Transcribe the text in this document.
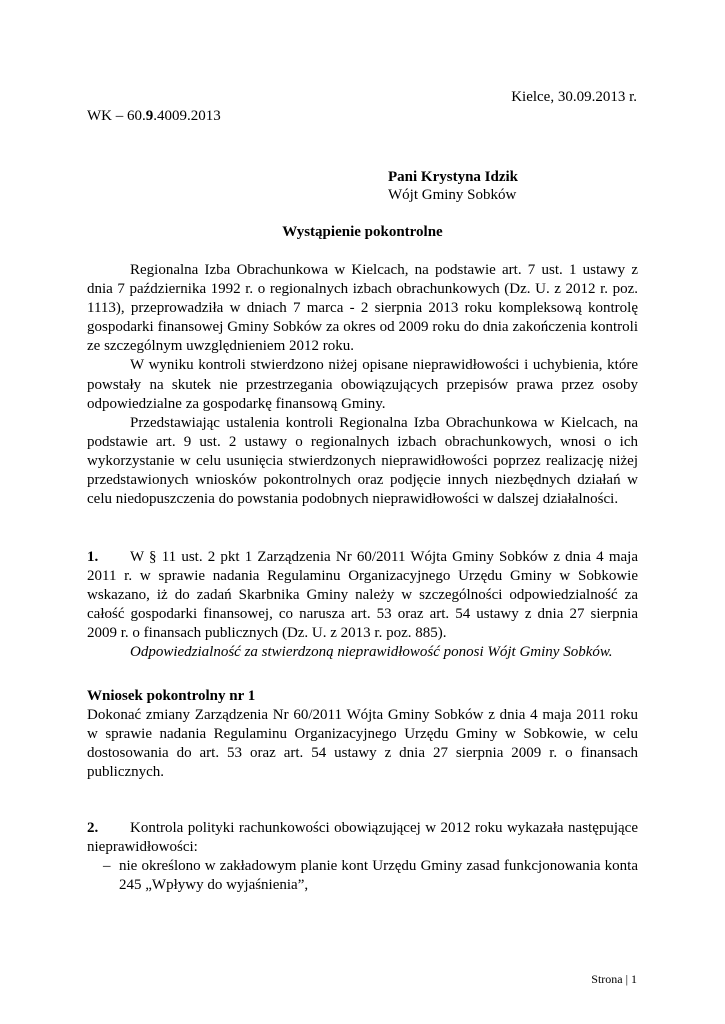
Kielce, 30.09.2013 r.
WK – 60.9.4009.2013
Pani Krystyna Idzik
Wójt Gminy Sobków
Wystąpienie pokontrolne

Regionalna Izba Obrachunkowa w Kielcach, na podstawie art. 7 ust. 1 ustawy z dnia 7 października 1992 r. o regionalnych izbach obrachunkowych (Dz. U. z 2012 r. poz. 1113), przeprowadziła w dniach 7 marca - 2 sierpnia 2013 roku kompleksową kontrolę gospodarki finansowej Gminy Sobków za okres od 2009 roku do dnia zakończenia kontroli ze szczególnym uwzględnieniem 2012 roku.

W wyniku kontroli stwierdzono niżej opisane nieprawidłowości i uchybienia, które powstały na skutek nie przestrzegania obowiązujących przepisów prawa przez osoby odpowiedzialne za gospodarkę finansową Gminy.

Przedstawiając ustalenia kontroli Regionalna Izba Obrachunkowa w Kielcach, na podstawie art. 9 ust. 2 ustawy o regionalnych izbach obrachunkowych, wnosi o ich wykorzystanie w celu usunięcia stwierdzonych nieprawidłowości poprzez realizację niżej przedstawionych wniosków pokontrolnych oraz podjęcie innych niezbędnych działań w celu niedopuszczenia do powstania podobnych nieprawidłowości w dalszej działalności.

1. W § 11 ust. 2 pkt 1 Zarządzenia Nr 60/2011 Wójta Gminy Sobków z dnia 4 maja 2011 r. w sprawie nadania Regulaminu Organizacyjnego Urzędu Gminy w Sobkowie wskazano, iż do zadań Skarbnika Gminy należy w szczególności odpowiedzialność za całość gospodarki finansowej, co narusza art. 53 oraz art. 54 ustawy z dnia 27 sierpnia 2009 r. o finansach publicznych (Dz. U. z 2013 r. poz. 885).

Odpowiedzialność za stwierdzoną nieprawidłowość ponosi Wójt Gminy Sobków.

Wniosek pokontrolny nr 1

Dokonać zmiany Zarządzenia Nr 60/2011 Wójta Gminy Sobków z dnia 4 maja 2011 roku w sprawie nadania Regulaminu Organizacyjnego Urzędu Gminy w Sobkowie, w celu dostosowania do art. 53 oraz art. 54 ustawy z dnia 27 sierpnia 2009 r. o finansach publicznych.

2. Kontrola polityki rachunkowości obowiązującej w 2012 roku wykazała następujące nieprawidłowości:

– nie określono w zakładowym planie kont Urzędu Gminy zasad funkcjonowania konta 245 „Wpływy do wyjaśnienia”,
Strona | 1
